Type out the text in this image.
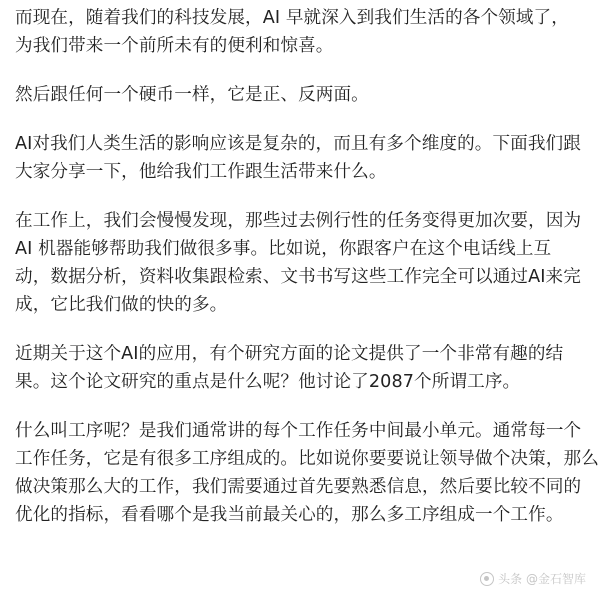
而现在，随着我们的科技发展，AI 早就深入到我们生活的各个领域了，
为我们带来一个前所未有的便利和惊喜。
然后跟任何一个硬币一样，它是正、反两面。
AI对我们人类生活的影响应该是复杂的，而且有多个维度的。下面我们跟
大家分享一下，他给我们工作跟生活带来什么。
在工作上，我们会慢慢发现，那些过去例行性的任务变得更加次要，因为
AI 机器能够帮助我们做很多事。比如说，你跟客户在这个电话线上互
动，数据分析，资料收集跟检索、文书书写这些工作完全可以通过AI来完
成，它比我们做的快的多。
近期关于这个AI的应用，有个研究方面的论文提供了一个非常有趣的结
果。这个论文研究的重点是什么呢？他讨论了2087个所谓工序。
什么叫工序呢？是我们通常讲的每个工作任务中间最小单元。通常每一个
工作任务，它是有很多工序组成的。比如说你要要说让领导做个决策，那么
做决策那么大的工作，我们需要通过首先要熟悉信息，然后要比较不同的
优化的指标，看看哪个是我当前最关心的，那么多工序组成一个工作。
头条 @金石智库
